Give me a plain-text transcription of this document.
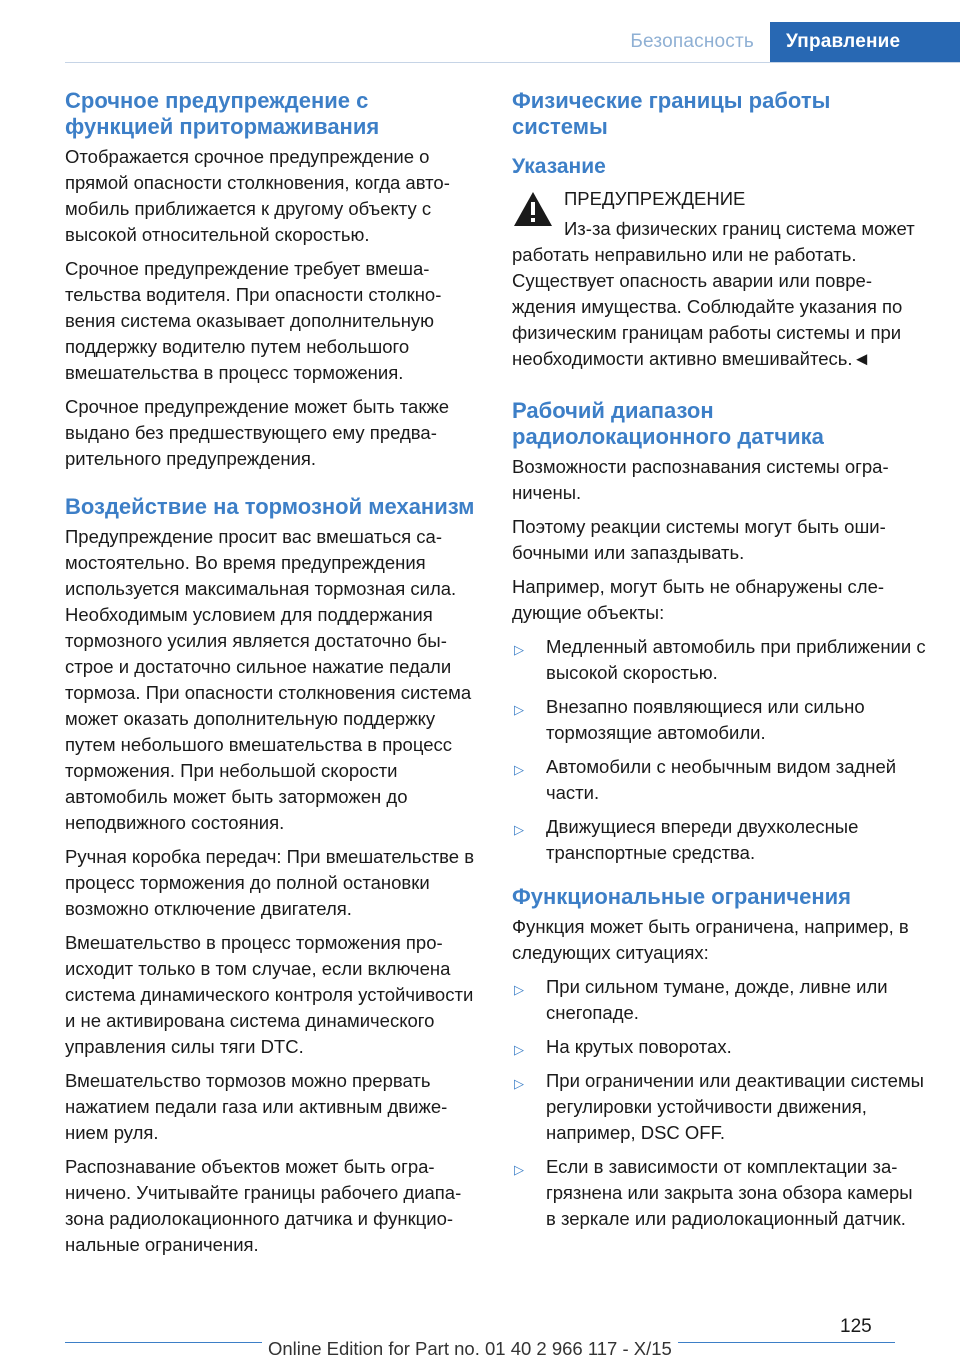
Безопасность	Управление
Срочное предупреждение с функцией притормаживания

Отображается срочное предупреждение о прямой опасности столкновения, когда автомобиль приближается к другому объекту с высокой относительной скоростью.

Срочное предупреждение требует вмешательства водителя. При опасности столкновения система оказывает дополнительную поддержку водителю путем небольшого вмешательства в процесс торможения.

Срочное предупреждение может быть также выдано без предшествующего ему предварительного предупреждения.

Воздействие на тормозной механизм

Предупреждение просит вас вмешаться самостоятельно. Во время предупреждения используется максимальная тормозная сила. Необходимым условием для поддержания тормозного усилия является достаточно быстрое и достаточно сильное нажатие педали тормоза. При опасности столкновения система может оказать дополнительную поддержку путем небольшого вмешательства в процесс торможения. При небольшой скорости автомобиль может быть заторможен до неподвижного состояния.

Ручная коробка передач: При вмешательстве в процесс торможения до полной остановки возможно отключение двигателя.

Вмешательство в процесс торможения происходит только в том случае, если включена система динамического контроля устойчивости и не активирована система динамического управления силы тяги DTC.

Вмешательство тормозов можно прервать нажатием педали газа или активным движением руля.

Распознавание объектов может быть ограничено. Учитывайте границы рабочего диапазона радиолокационного датчика и функциональные ограничения.

Физические границы работы системы
Указание

ПРЕДУПРЕЖДЕНИЕ

Из-за физических границ система может работать неправильно или не работать. Существует опасность аварии или повреждения имущества. Соблюдайте указания по физическим границам работы системы и при необходимости активно вмешивайтесь.◄

Рабочий диапазон радиолокационного датчика

Возможности распознавания системы ограничены.

Поэтому реакции системы могут быть ошибочными или запаздывать.

Например, могут быть не обнаружены следующие объекты:

▷ Медленный автомобиль при приближении с высокой скоростью.
▷ Внезапно появляющиеся или сильно тормозящие автомобили.
▷ Автомобили с необычным видом задней части.
▷ Движущиеся впереди двухколесные транспортные средства.
Функциональные ограничения

Функция может быть ограничена, например, в следующих ситуациях:

▷ При сильном тумане, дожде, ливне или снегопаде.
▷ На крутых поворотах.
▷ При ограничении или деактивации системы регулировки устойчивости движения, например, DSC OFF.
▷ Если в зависимости от комплектации загрязнена или закрыта зона обзора камеры в зеркале или радиолокационный датчик.
125
Online Edition for Part no. 01 40 2 966 117 - X/15
